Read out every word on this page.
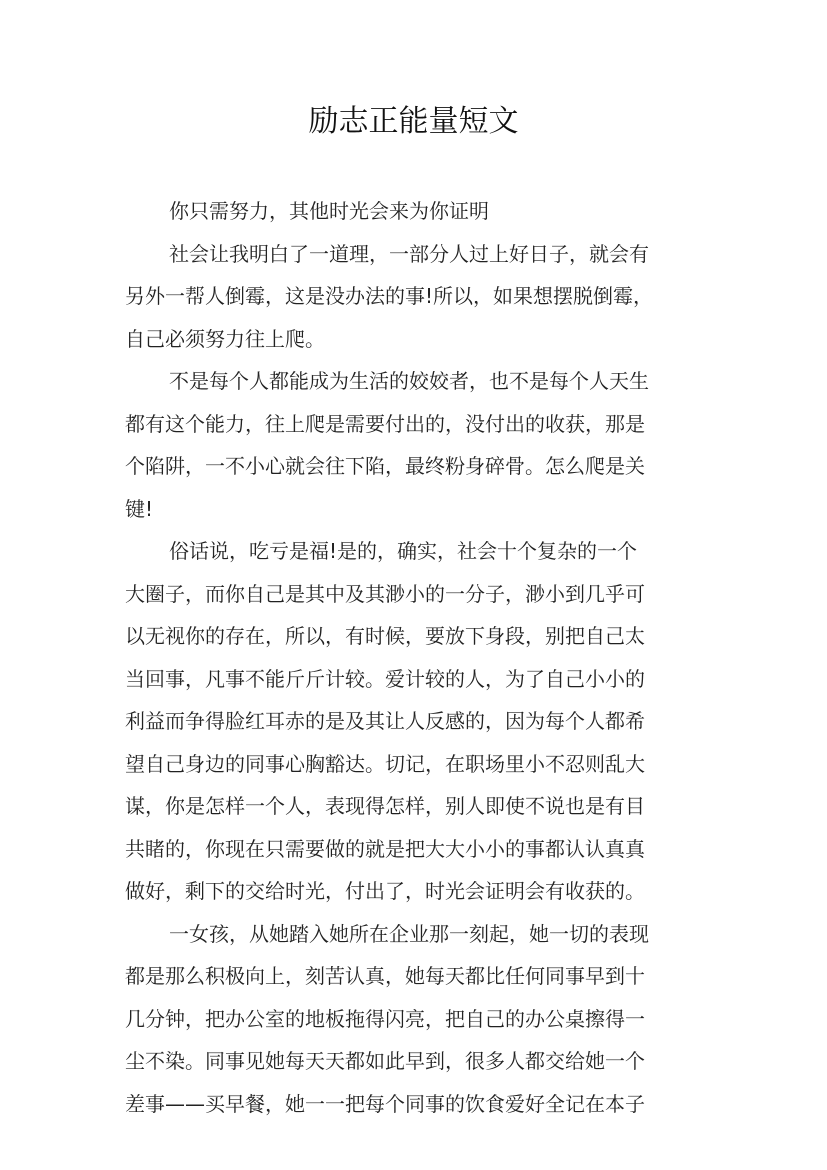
励志正能量短文
你只需努力，其他时光会来为你证明
社会让我明白了一道理，一部分人过上好日子，就会有
另外一帮人倒霉，这是没办法的事!所以，如果想摆脱倒霉，
自己必须努力往上爬。
不是每个人都能成为生活的姣姣者，也不是每个人天生
都有这个能力，往上爬是需要付出的，没付出的收获，那是
个陷阱，一不小心就会往下陷，最终粉身碎骨。怎么爬是关
键!
俗话说，吃亏是福!是的，确实，社会十个复杂的一个
大圈子，而你自己是其中及其渺小的一分子，渺小到几乎可
以无视你的存在，所以，有时候，要放下身段，别把自己太
当回事，凡事不能斤斤计较。爱计较的人，为了自己小小的
利益而争得脸红耳赤的是及其让人反感的，因为每个人都希
望自己身边的同事心胸豁达。切记，在职场里小不忍则乱大
谋，你是怎样一个人，表现得怎样，别人即使不说也是有目
共睹的，你现在只需要做的就是把大大小小的事都认认真真
做好，剩下的交给时光，付出了，时光会证明会有收获的。
一女孩，从她踏入她所在企业那一刻起，她一切的表现
都是那么积极向上，刻苦认真，她每天都比任何同事早到十
几分钟，把办公室的地板拖得闪亮，把自己的办公桌擦得一
尘不染。同事见她每天天都如此早到，很多人都交给她一个
差事——买早餐，她一一把每个同事的饮食爱好全记在本子
